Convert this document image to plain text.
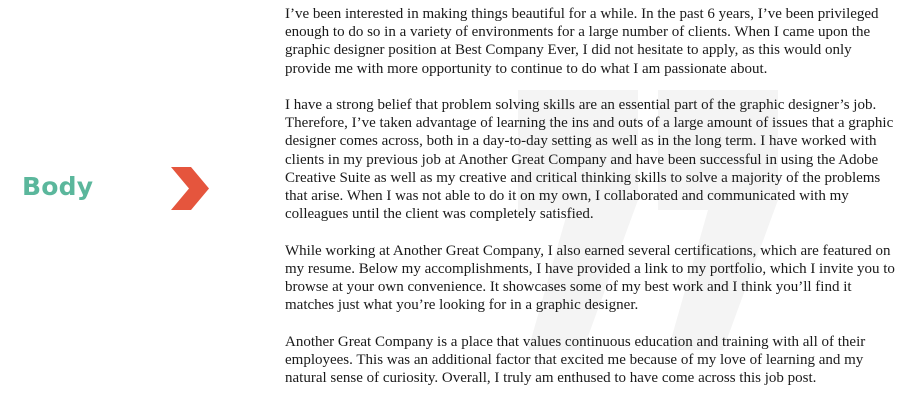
Body

I’ve been interested in making things beautiful for a while. In the past 6 years, I’ve been privileged enough to do so in a variety of environments for a large number of clients. When I came upon the graphic designer position at Best Company Ever, I did not hesitate to apply, as this would only provide me with more opportunity to continue to do what I am passionate about.

I have a strong belief that problem solving skills are an essential part of the graphic designer’s job. Therefore, I’ve taken advantage of learning the ins and outs of a large amount of issues that a graphic designer comes across, both in a day-to-day setting as well as in the long term. I have worked with clients in my previous job at Another Great Company and have been successful in using the Adobe Creative Suite as well as my creative and critical thinking skills to solve a majority of the problems that arise. When I was not able to do it on my own, I collaborated and communicated with my colleagues until the client was completely satisfied.

While working at Another Great Company, I also earned several certifications, which are featured on my resume. Below my accomplishments, I have provided a link to my portfolio, which I invite you to browse at your own convenience. It showcases some of my best work and I think you’ll find it matches just what you’re looking for in a graphic designer.

Another Great Company is a place that values continuous education and training with all of their employees. This was an additional factor that excited me because of my love of learning and my natural sense of curiosity. Overall, I truly am enthused to have come across this job post.
